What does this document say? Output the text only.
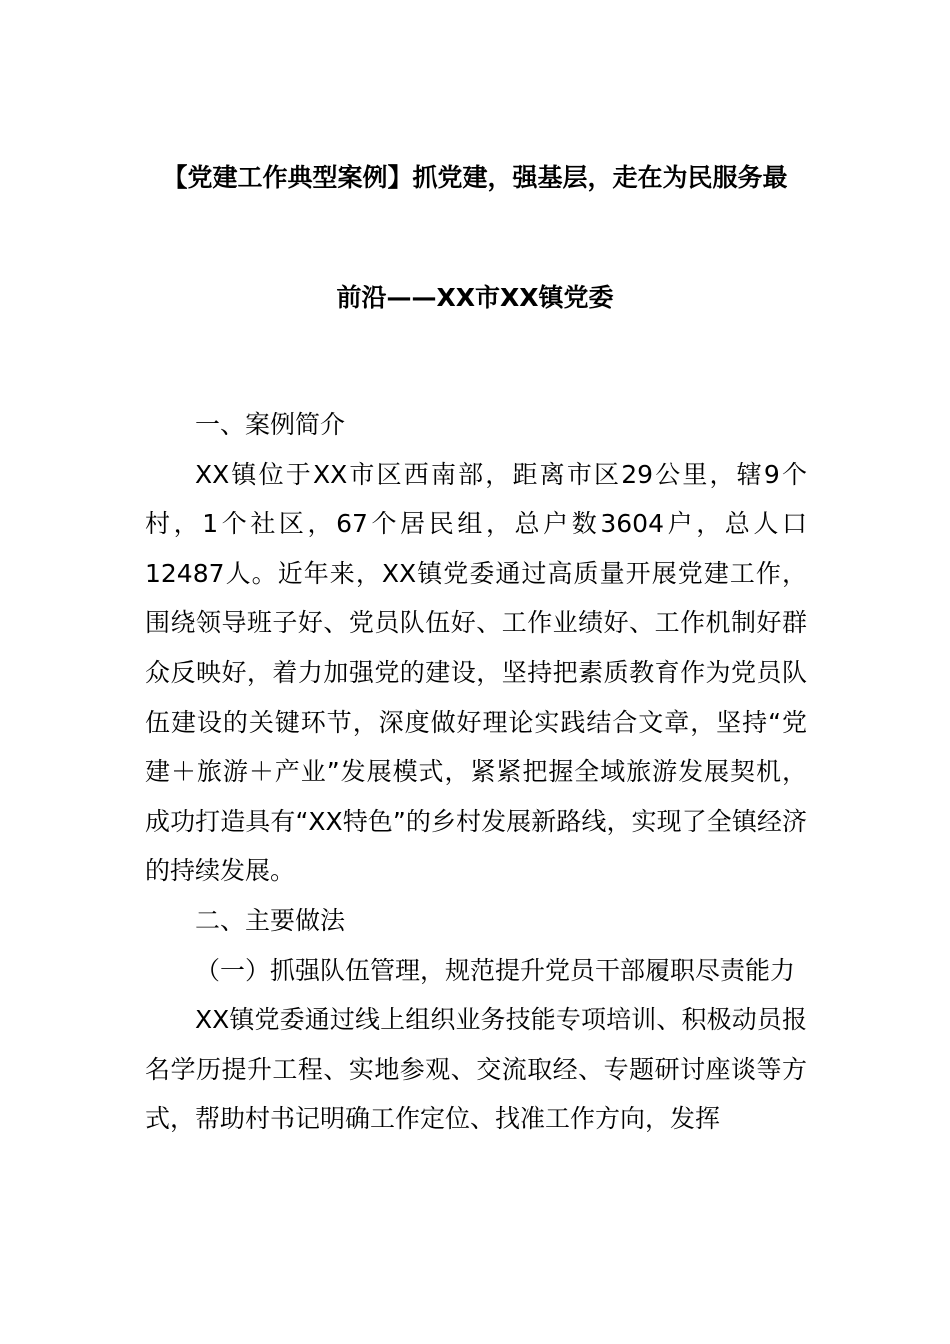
【党建工作典型案例】抓党建，强基层，走在为民服务最
前沿——XX市XX镇党委

一、案例简介

XX镇位于XX市区西南部，距离市区29公里，辖9个村，1个社区，67个居民组，总户数3604户，总人口12487人。近年来，XX镇党委通过高质量开展党建工作，围绕领导班子好、党员队伍好、工作业绩好、工作机制好群众反映好，着力加强党的建设，坚持把素质教育作为党员队伍建设的关键环节，深度做好理论实践结合文章，坚持“党建＋旅游＋产业”发展模式，紧紧把握全域旅游发展契机，成功打造具有“XX特色”的乡村发展新路线，实现了全镇经济的持续发展。

二、主要做法

（一）抓强队伍管理，规范提升党员干部履职尽责能力

XX镇党委通过线上组织业务技能专项培训、积极动员报名学历提升工程、实地参观、交流取经、专题研讨座谈等方式，帮助村书记明确工作定位、找准工作方向，发挥
